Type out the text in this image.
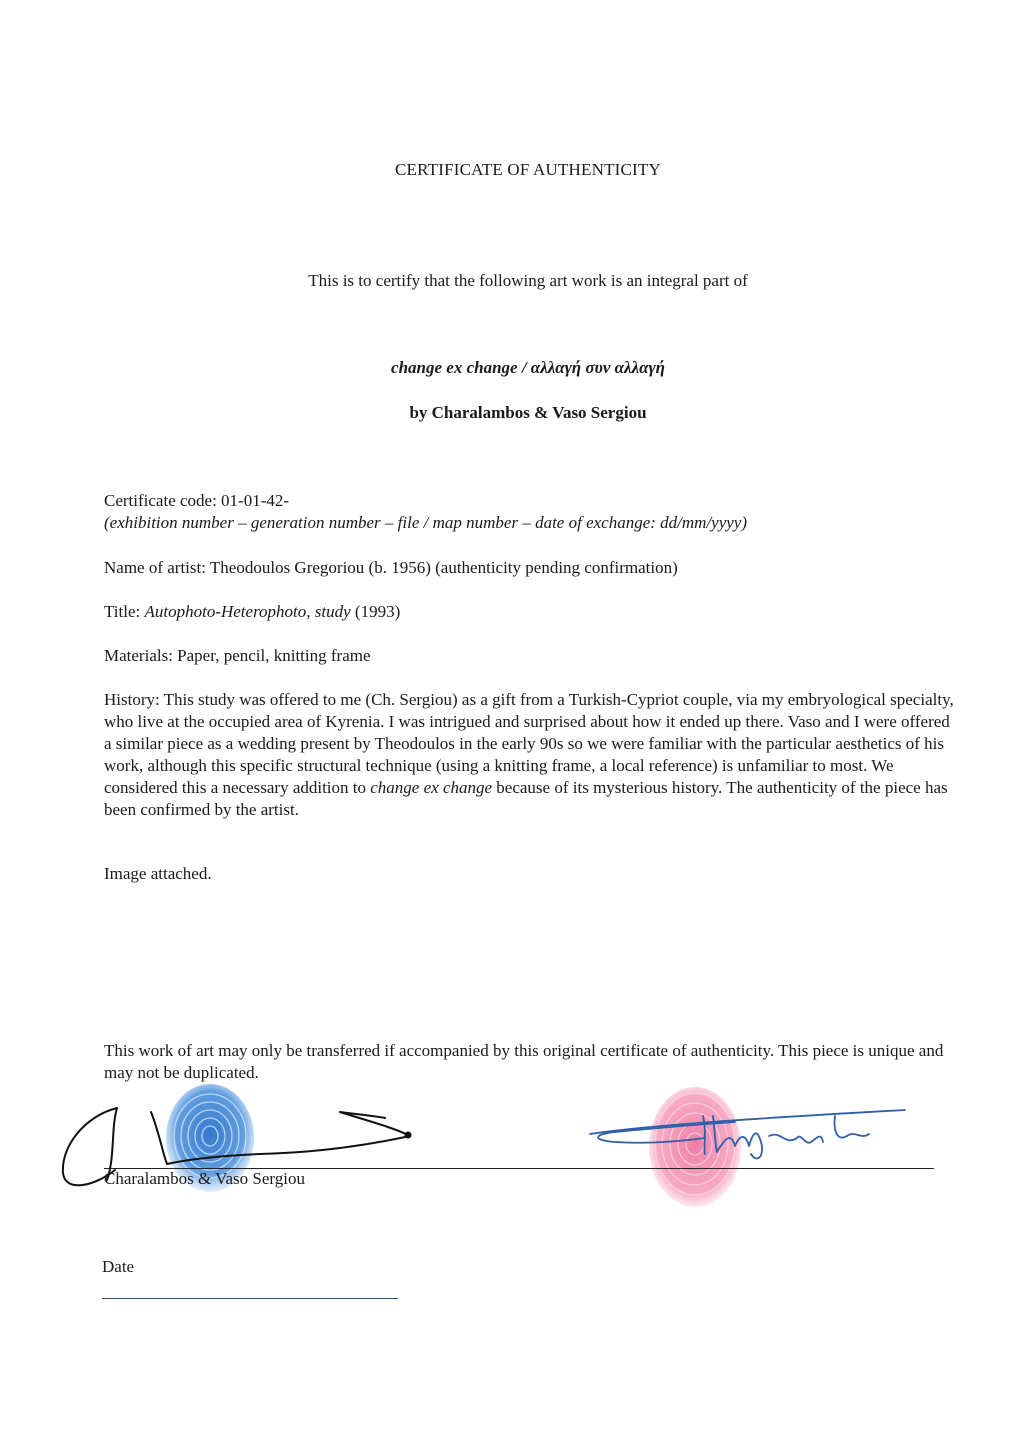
CERTIFICATE OF AUTHENTICITY
This is to certify that the following art work is an integral part of
change ex change / αλλαγή συν αλλαγή
by Charalambos & Vaso Sergiou
Certificate code: 01-01-42-
(exhibition number – generation number – file / map number – date of exchange: dd/mm/yyyy)
Name of artist: Theodoulos Gregoriou (b. 1956) (authenticity pending confirmation)
Title: Autophoto-Heterophoto, study (1993)
Materials: Paper, pencil, knitting frame
History: This study was offered to me (Ch. Sergiou) as a gift from a Turkish-Cypriot couple, via my embryological specialty, who live at the occupied area of Kyrenia. I was intrigued and surprised about how it ended up there. Vaso and I were offered a similar piece as a wedding present by Theodoulos in the early 90s so we were familiar with the particular aesthetics of his work, although this specific structural technique (using a knitting frame, a local reference) is unfamiliar to most. We considered this a necessary addition to change ex change because of its mysterious history. The authenticity of the piece has been confirmed by the artist.
Image attached.
This work of art may only be transferred if accompanied by this original certificate of authenticity. This piece is unique and may not be duplicated.
Charalambos & Vaso Sergiou
Date
